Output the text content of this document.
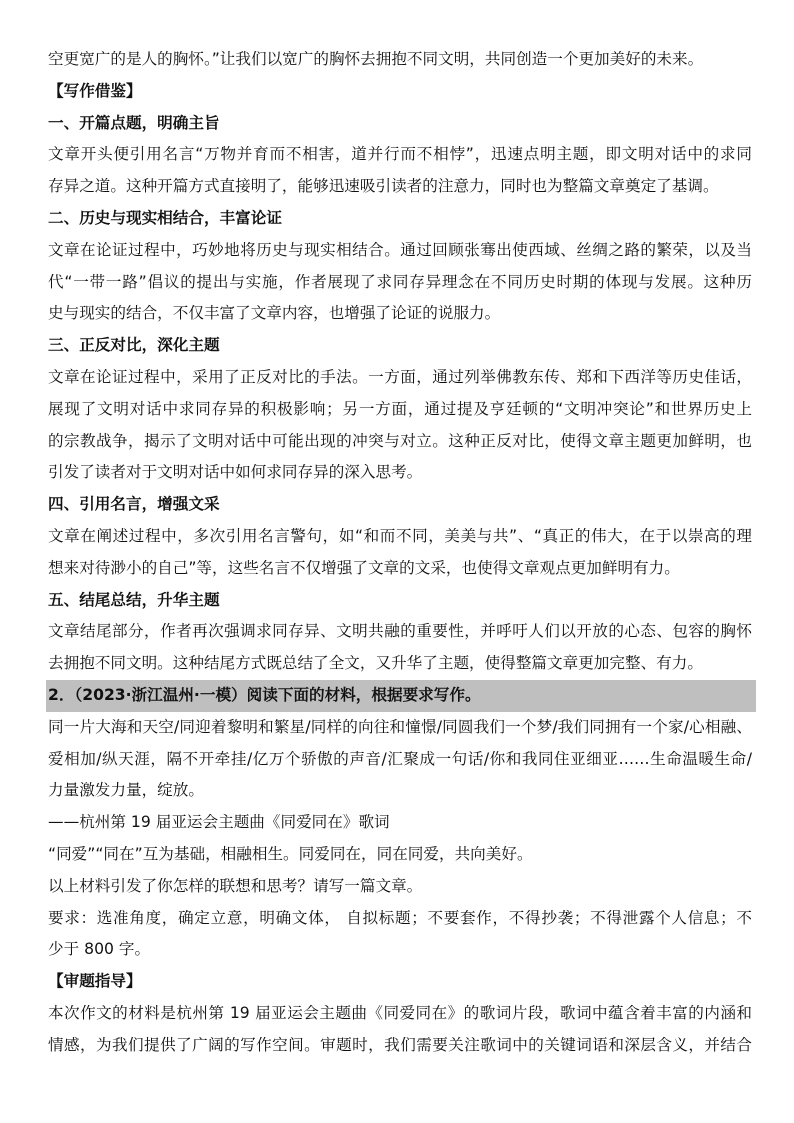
空更宽广的是人的胸怀。”让我们以宽广的胸怀去拥抱不同文明，共同创造一个更加美好的未来。
【写作借鉴】
一、开篇点题，明确主旨
文章开头便引用名言“万物并育而不相害，道并行而不相悖”，迅速点明主题，即文明对话中的求同
存异之道。这种开篇方式直接明了，能够迅速吸引读者的注意力，同时也为整篇文章奠定了基调。
二、历史与现实相结合，丰富论证
文章在论证过程中，巧妙地将历史与现实相结合。通过回顾张骞出使西域、丝绸之路的繁荣，以及当
代“一带一路”倡议的提出与实施，作者展现了求同存异理念在不同历史时期的体现与发展。这种历
史与现实的结合，不仅丰富了文章内容，也增强了论证的说服力。
三、正反对比，深化主题
文章在论证过程中，采用了正反对比的手法。一方面，通过列举佛教东传、郑和下西洋等历史佳话，
展现了文明对话中求同存异的积极影响；另一方面，通过提及亨廷顿的“文明冲突论”和世界历史上
的宗教战争，揭示了文明对话中可能出现的冲突与对立。这种正反对比，使得文章主题更加鲜明，也
引发了读者对于文明对话中如何求同存异的深入思考。
四、引用名言，增强文采
文章在阐述过程中，多次引用名言警句，如“和而不同，美美与共”、“真正的伟大，在于以崇高的理
想来对待渺小的自己”等，这些名言不仅增强了文章的文采，也使得文章观点更加鲜明有力。
五、结尾总结，升华主题
文章结尾部分，作者再次强调求同存异、文明共融的重要性，并呼吁人们以开放的心态、包容的胸怀
去拥抱不同文明。这种结尾方式既总结了全文，又升华了主题，使得整篇文章更加完整、有力。
2．（2023·浙江温州·一模）阅读下面的材料，根据要求写作。
同一片大海和天空/同迎着黎明和繁星/同样的向往和憧憬/同圆我们一个梦/我们同拥有一个家/心相融、
爱相加/纵天涯，隔不开牵挂/亿万个骄傲的声音/汇聚成一句话/你和我同住亚细亚……生命温暖生命/
力量激发力量，绽放。
——杭州第 19 届亚运会主题曲《同爱同在》歌词
“同爱”“同在”互为基础，相融相生。同爱同在，同在同爱，共向美好。
以上材料引发了你怎样的联想和思考？请写一篇文章。
要求：选准角度，确定立意，明确文体， 自拟标题；不要套作，不得抄袭；不得泄露个人信息；不
少于 800 字。
【审题指导】
本次作文的材料是杭州第 19 届亚运会主题曲《同爱同在》的歌词片段，歌词中蕴含着丰富的内涵和
情感，为我们提供了广阔的写作空间。审题时，我们需要关注歌词中的关键词语和深层含义，并结合
